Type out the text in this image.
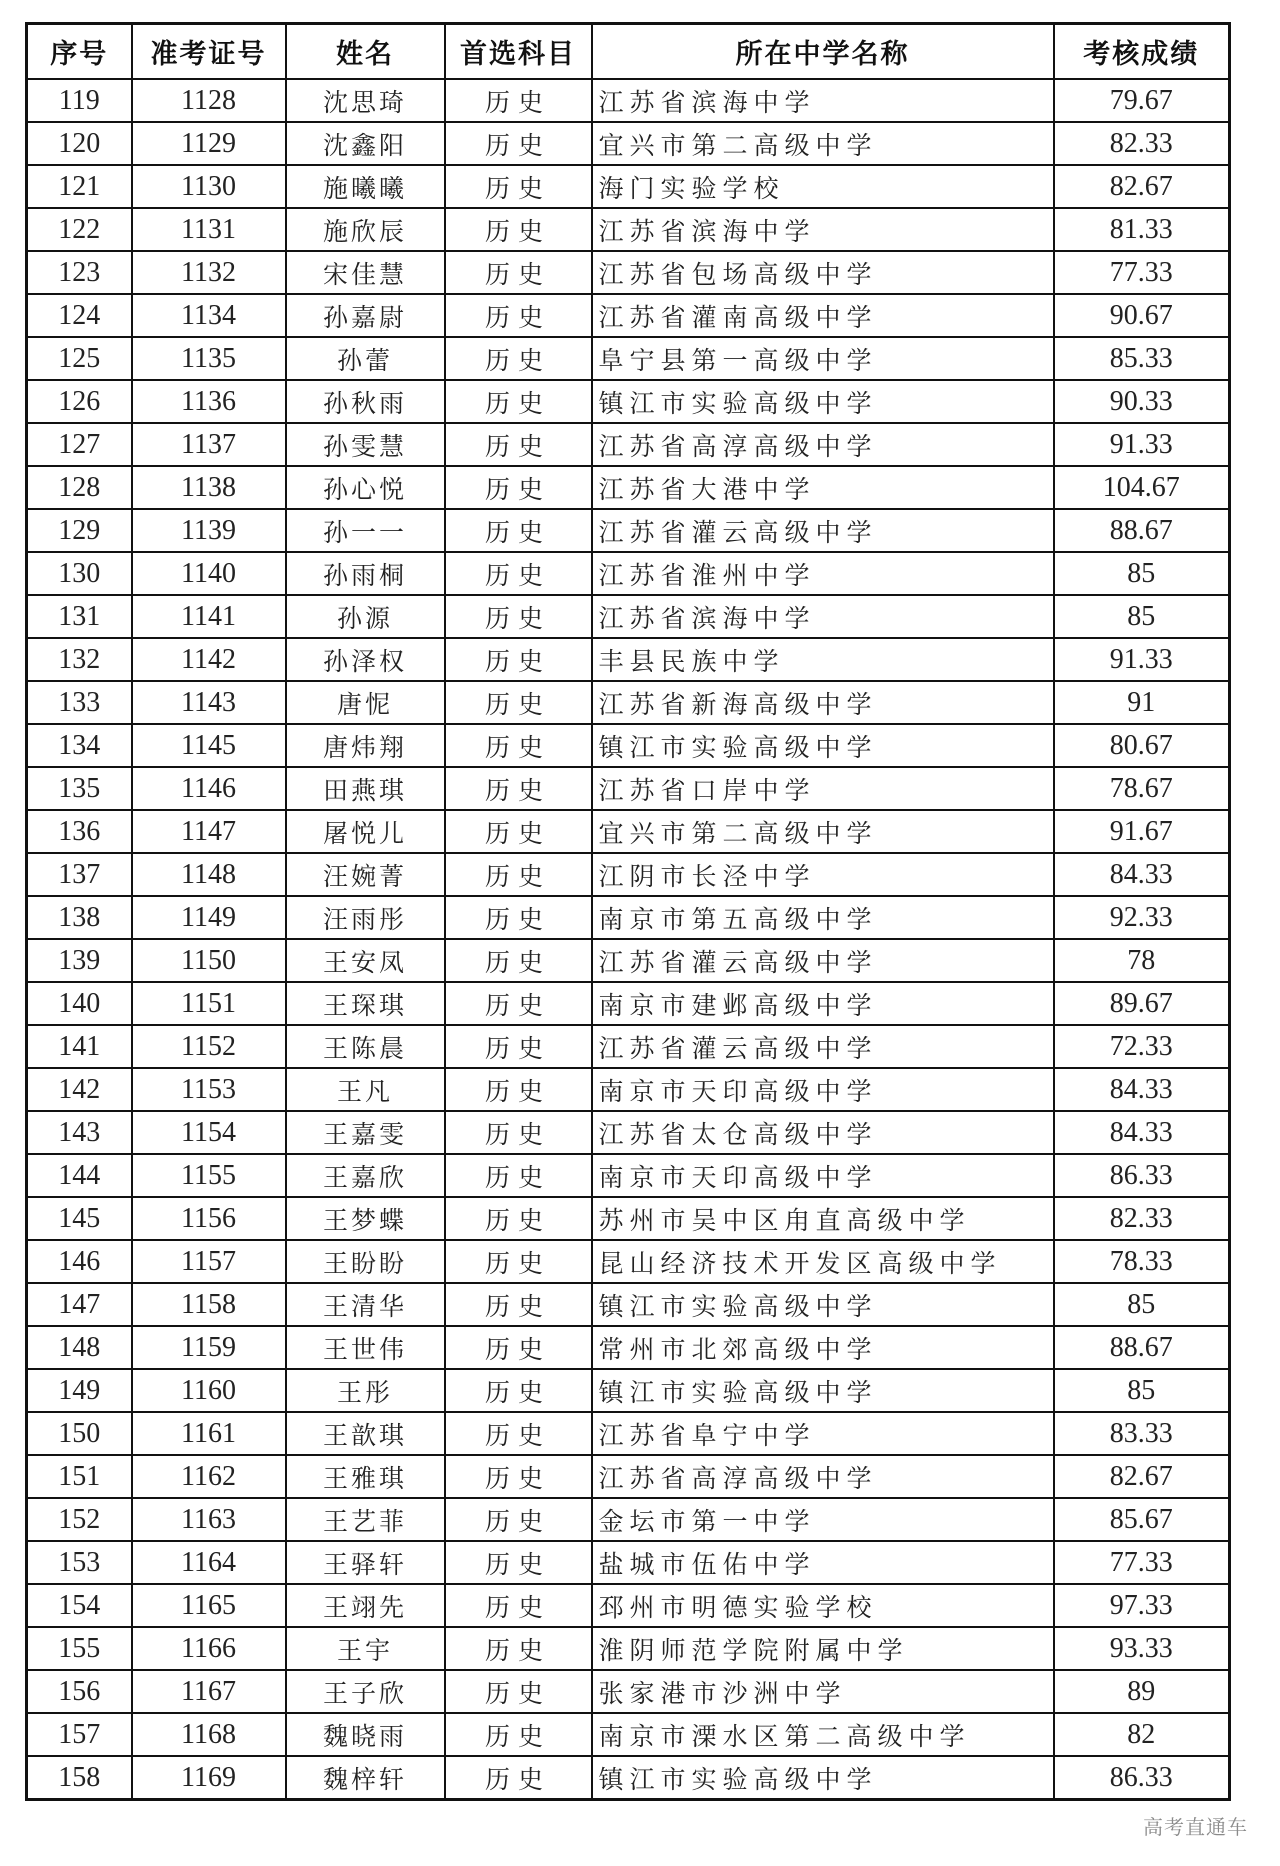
序号	准考证号	姓名	首选科目	所在中学名称	考核成绩
119	1128	沈思琦	历史	江苏省滨海中学	79.67
120	1129	沈鑫阳	历史	宜兴市第二高级中学	82.33
121	1130	施曦曦	历史	海门实验学校	82.67
122	1131	施欣辰	历史	江苏省滨海中学	81.33
123	1132	宋佳慧	历史	江苏省包场高级中学	77.33
124	1134	孙嘉尉	历史	江苏省灌南高级中学	90.67
125	1135	孙蕾	历史	阜宁县第一高级中学	85.33
126	1136	孙秋雨	历史	镇江市实验高级中学	90.33
127	1137	孙雯慧	历史	江苏省高淳高级中学	91.33
128	1138	孙心悦	历史	江苏省大港中学	104.67
129	1139	孙一一	历史	江苏省灌云高级中学	88.67
130	1140	孙雨桐	历史	江苏省淮州中学	85
131	1141	孙源	历史	江苏省滨海中学	85
132	1142	孙泽权	历史	丰县民族中学	91.33
133	1143	唐怩	历史	江苏省新海高级中学	91
134	1145	唐炜翔	历史	镇江市实验高级中学	80.67
135	1146	田燕琪	历史	江苏省口岸中学	78.67
136	1147	屠悦儿	历史	宜兴市第二高级中学	91.67
137	1148	汪婉菁	历史	江阴市长泾中学	84.33
138	1149	汪雨彤	历史	南京市第五高级中学	92.33
139	1150	王安凤	历史	江苏省灌云高级中学	78
140	1151	王琛琪	历史	南京市建邺高级中学	89.67
141	1152	王陈晨	历史	江苏省灌云高级中学	72.33
142	1153	王凡	历史	南京市天印高级中学	84.33
143	1154	王嘉雯	历史	江苏省太仓高级中学	84.33
144	1155	王嘉欣	历史	南京市天印高级中学	86.33
145	1156	王梦蝶	历史	苏州市吴中区甪直高级中学	82.33
146	1157	王盼盼	历史	昆山经济技术开发区高级中学	78.33
147	1158	王清华	历史	镇江市实验高级中学	85
148	1159	王世伟	历史	常州市北郊高级中学	88.67
149	1160	王彤	历史	镇江市实验高级中学	85
150	1161	王歆琪	历史	江苏省阜宁中学	83.33
151	1162	王雅琪	历史	江苏省高淳高级中学	82.67
152	1163	王艺菲	历史	金坛市第一中学	85.67
153	1164	王驿轩	历史	盐城市伍佑中学	77.33
154	1165	王翊先	历史	邳州市明德实验学校	97.33
155	1166	王宇	历史	淮阴师范学院附属中学	93.33
156	1167	王子欣	历史	张家港市沙洲中学	89
157	1168	魏晓雨	历史	南京市溧水区第二高级中学	82
158	1169	魏梓轩	历史	镇江市实验高级中学	86.33
高考直通车
